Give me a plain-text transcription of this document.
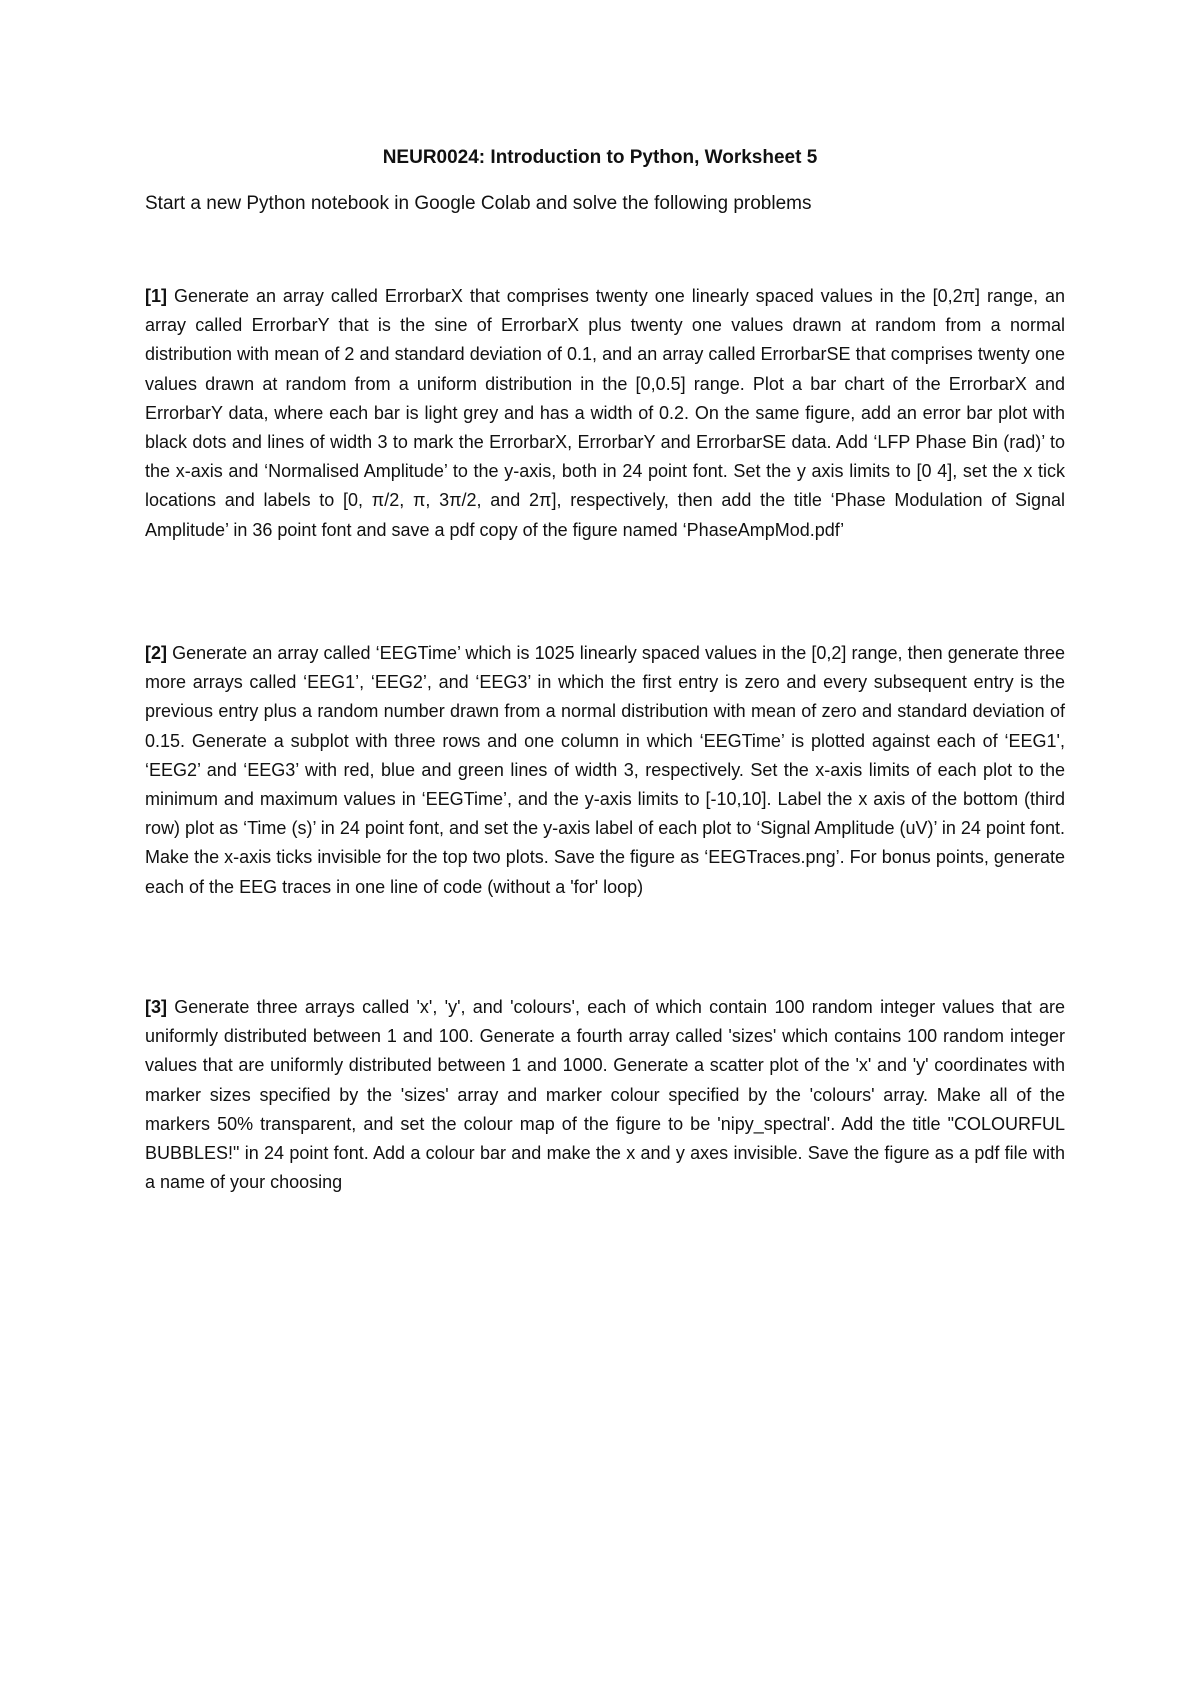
NEUR0024: Introduction to Python, Worksheet 5
Start a new Python notebook in Google Colab and solve the following problems
[1] Generate an array called ErrorbarX that comprises twenty one linearly spaced values in the [0,2π] range, an array called ErrorbarY that is the sine of ErrorbarX plus twenty one values drawn at random from a normal distribution with mean of 2 and standard deviation of 0.1, and an array called ErrorbarSE that comprises twenty one values drawn at random from a uniform distribution in the [0,0.5] range. Plot a bar chart of the ErrorbarX and ErrorbarY data, where each bar is light grey and has a width of 0.2. On the same figure, add an error bar plot with black dots and lines of width 3 to mark the ErrorbarX, ErrorbarY and ErrorbarSE data. Add ‘LFP Phase Bin (rad)’ to the x-axis and ‘Normalised Amplitude’ to the y-axis, both in 24 point font. Set the y axis limits to [0 4], set the x tick locations and labels to [0, π/2, π, 3π/2, and 2π], respectively, then add the title ‘Phase Modulation of Signal Amplitude’ in 36 point font and save a pdf copy of the figure named ‘PhaseAmpMod.pdf’
[2] Generate an array called ‘EEGTime’ which is 1025 linearly spaced values in the [0,2] range, then generate three more arrays called ‘EEG1’, ‘EEG2’, and ‘EEG3’ in which the first entry is zero and every subsequent entry is the previous entry plus a random number drawn from a normal distribution with mean of zero and standard deviation of 0.15. Generate a subplot with three rows and one column in which ‘EEGTime’ is plotted against each of ‘EEG1', ‘EEG2’ and ‘EEG3’ with red, blue and green lines of width 3, respectively. Set the x-axis limits of each plot to the minimum and maximum values in ‘EEGTime’, and the y-axis limits to [-10,10]. Label the x axis of the bottom (third row) plot as ‘Time (s)’ in 24 point font, and set the y-axis label of each plot to ‘Signal Amplitude (uV)’ in 24 point font. Make the x-axis ticks invisible for the top two plots. Save the figure as ‘EEGTraces.png’. For bonus points, generate each of the EEG traces in one line of code (without a 'for' loop)
[3] Generate three arrays called 'x', 'y', and 'colours', each of which contain 100 random integer values that are uniformly distributed between 1 and 100. Generate a fourth array called 'sizes' which contains 100 random integer values that are uniformly distributed between 1 and 1000. Generate a scatter plot of the 'x' and 'y' coordinates with marker sizes specified by the 'sizes' array and marker colour specified by the 'colours' array. Make all of the markers 50% transparent, and set the colour map of the figure to be 'nipy_spectral'. Add the title "COLOURFUL BUBBLES!" in 24 point font. Add a colour bar and make the x and y axes invisible. Save the figure as a pdf file with a name of your choosing
